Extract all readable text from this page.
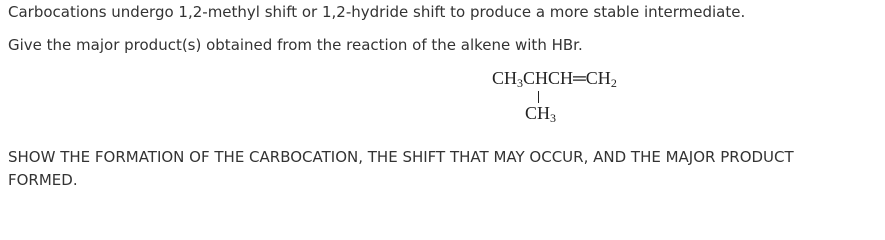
Carbocations undergo 1,2-methyl shift or 1,2-hydride shift to produce a more stable intermediate.
Give the major product(s) obtained from the reaction of the alkene with HBr.
$CH_3CHCH═CH_2$
$CH_3$
SHOW THE FORMATION OF THE CARBOCATION, THE SHIFT THAT MAY OCCUR, AND THE MAJOR PRODUCT
FORMED.
